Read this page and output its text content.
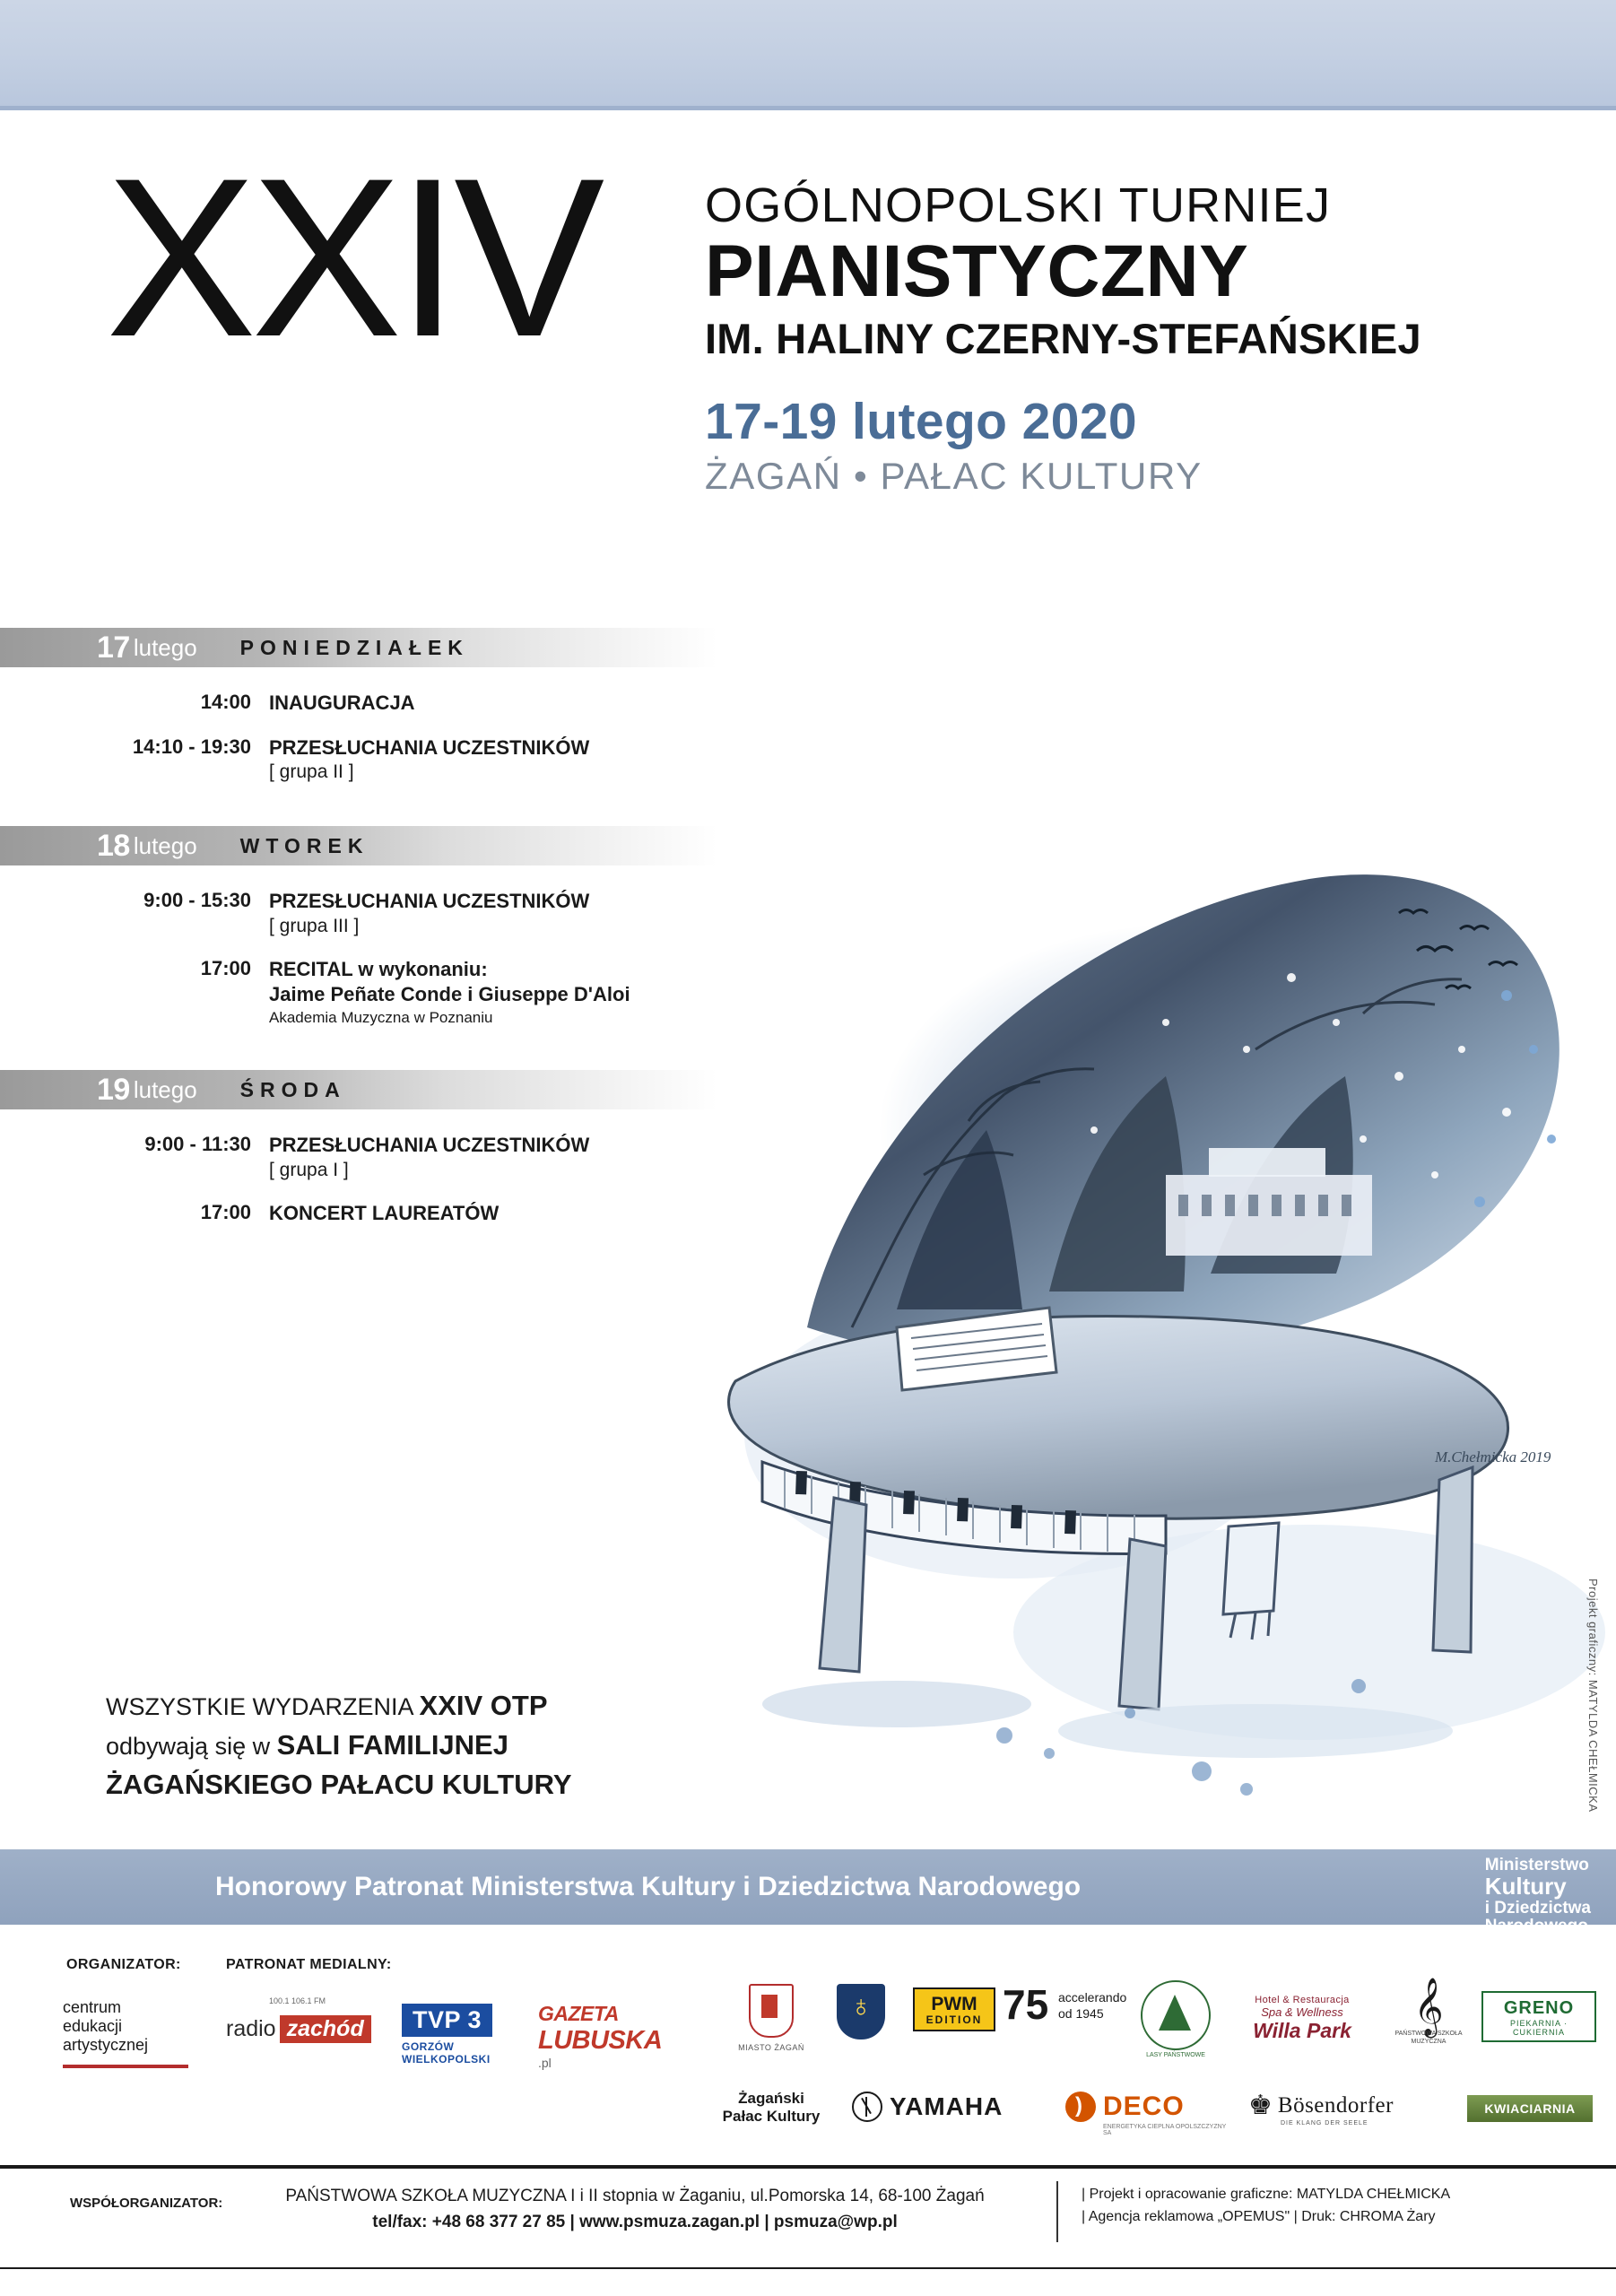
XXIV OGÓLNOPOLSKI TURNIEJ
PIANISTYCZNY
IM. HALINY CZERNY-STEFAŃSKIEJ
17-19 lutego 2020
ŻAGAŃ • PAŁAC KULTURY
M.Chełmicka 2019
Projekt graficzny: MATYLDA CHEŁMICKA
17 lutego PONIEDZIAŁEK
14:00 INAUGURACJA
14:10 - 19:30 PRZESŁUCHANIA UCZESTNIKÓW
[ grupa II ]
18 lutego WTOREK
9:00 - 15:30 PRZESŁUCHANIA UCZESTNIKÓW
[ grupa III ]
17:00 RECITAL w wykonaniu:
Jaime Peñate Conde i Giuseppe D'Aloi
Akademia Muzyczna w Poznaniu
19 lutego ŚRODA
9:00 - 11:30 PRZESŁUCHANIA UCZESTNIKÓW
[ grupa I ]
17:00 KONCERT LAUREATÓW
WSZYSTKIE WYDARZENIA XXIV OTP
odbywają się w SALI FAMILIJNEJ
ŻAGAŃSKIEGO PAŁACU KULTURY
Honorowy Patronat Ministerstwa Kultury i Dziedzictwa Narodowego
Ministerstwo
Kultury
i Dziedzictwa
ORGANIZATOR:	PATRONAT MEDIALNY:
centrum
edukacji
artystycznej
100.1 106.1 FM
radio zachód	TVP 3
GORZÓW WIELKOPOLSKI
GAZETA
LUBUSKA
.pl
MIASTO ŻAGAŃ
Żagański Pałac Kultury
♁
PWM
EDITION 75 accelerando
od 1945
LASY PAŃSTWOWE
Hotel & Restauracja
Spa & Wellness
Willa Park	𝄞
PAŃSTWOWA SZKOŁA MUZYCZNA
GRENO
PIEKARNIA · CUKIERNIA
YAMAHA )	DECO
ENERGETYKA CIEPLNA OPOLSZCZYZNY SA
♚ Bösendorfer
DIE KLANG DER SEELE
KWIACIARNIA
WSPÓŁORGANIZATOR:	PAŃSTWOWA SZKOŁA MUZYCZNA I i II stopnia w Żaganiu, ul.Pomorska 14, 68-100 Żagań
tel/fax: +48 68 377 27 85 | www.psmuza.zagan.pl | psmuza@wp.pl
| Projekt i opracowanie graficzne: MATYLDA CHEŁMICKA
| Agencja reklamowa „OPEMUS" | Druk: CHROMA Żary
